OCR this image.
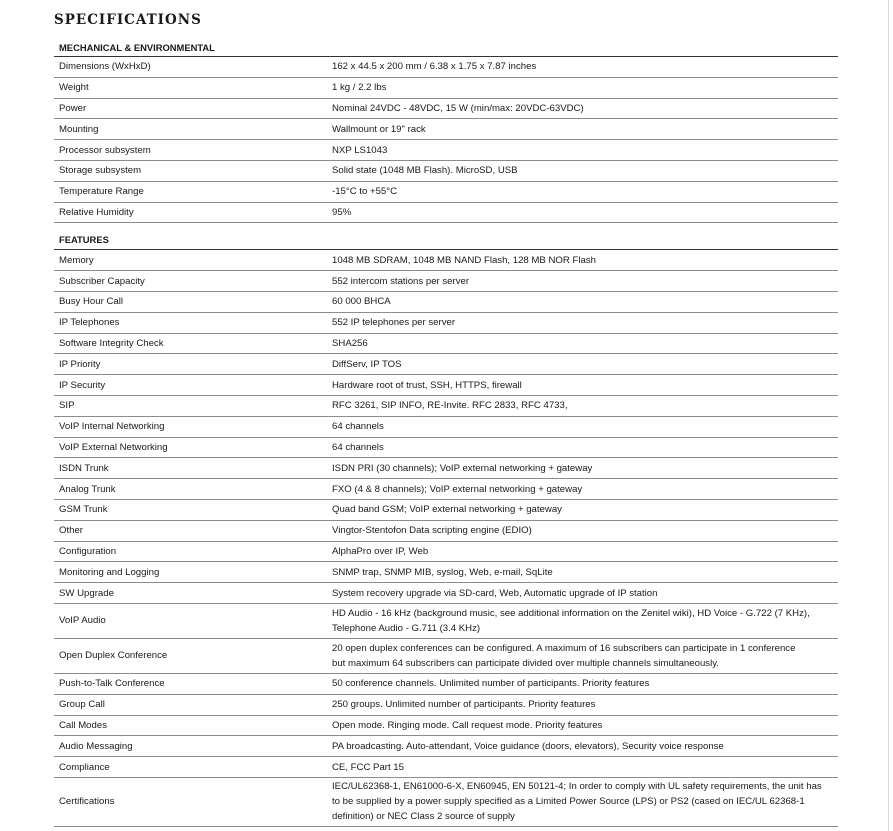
SPECIFICATIONS
MECHANICAL & ENVIRONMENTAL	
Dimensions (WxHxD)	162 x 44.5 x 200 mm / 6.38 x 1.75 x 7.87 inches
Weight	1 kg / 2.2 lbs
Power	Nominal 24VDC - 48VDC, 15 W (min/max: 20VDC-63VDC)
Mounting	Wallmount or 19" rack
Processor subsystem	NXP LS1043
Storage subsystem	Solid state (1048 MB Flash). MicroSD, USB
Temperature Range	-15°C to +55°C
Relative Humidity	95%
FEATURES	
Memory	1048 MB SDRAM, 1048 MB NAND Flash, 128 MB NOR Flash
Subscriber Capacity	552 intercom stations per server
Busy Hour Call	60 000 BHCA
IP Telephones	552 IP telephones per server
Software Integrity Check	SHA256
IP Priority	DiffServ, IP TOS
IP Security	Hardware root of trust, SSH, HTTPS, firewall
SIP	RFC 3261, SIP INFO, RE-Invite. RFC 2833, RFC 4733,
VoIP Internal Networking	64 channels
VoIP External Networking	64 channels
ISDN Trunk	ISDN PRI (30 channels); VoIP external networking + gateway
Analog Trunk	FXO (4 & 8 channels); VoIP external networking + gateway
GSM Trunk	Quad band GSM; VoIP external networking + gateway
Other	Vingtor-Stentofon Data scripting engine (EDIO)
Configuration	AlphaPro over IP, Web
Monitoring and Logging	SNMP trap, SNMP MIB, syslog, Web, e-mail, SqLite
SW Upgrade	System recovery upgrade via SD-card, Web, Automatic upgrade of IP station
VoIP Audio	HD Audio - 16 kHz (background music, see additional information on the Zenitel wiki), HD Voice - G.722 (7 KHz),
Telephone Audio - G.711 (3.4 KHz)

Open Duplex Conference	20 open duplex conferences can be configured. A maximum of 16 subscribers can participate in 1 conference
but maximum 64 subscribers can participate divided over multiple channels simultaneously.

Push-to-Talk Conference	50 conference channels. Unlimited number of participants. Priority features
Group Call	250 groups. Unlimited number of participants. Priority features
Call Modes	Open mode. Ringing mode. Call request mode. Priority features
Audio Messaging	PA broadcasting. Auto-attendant, Voice guidance (doors, elevators), Security voice response
Compliance	CE, FCC Part 15
Certifications	IEC/UL62368-1, EN61000-6-X, EN60945, EN 50121-4; In order to comply with UL safety requirements, the unit has
to be supplied by a power supply specified as a Limited Power Source (LPS) or PS2 (cased on IEC/UL 62368-1
definition) or NEC Class 2 source of supply
